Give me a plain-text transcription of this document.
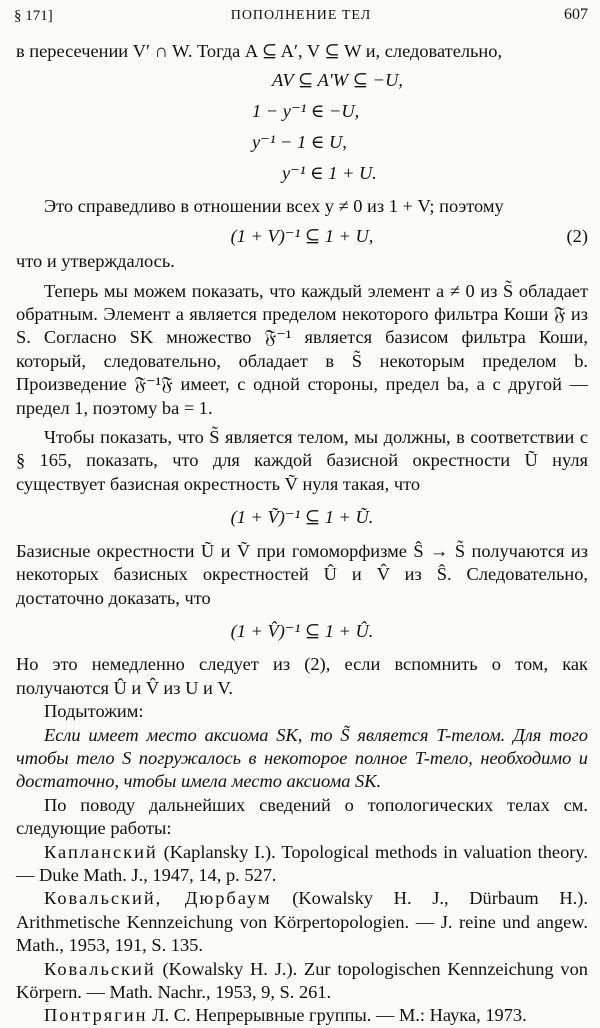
§ 171]	ПОПОЛНЕНИЕ ТЕЛ	607

в пересечении V′ ∩ W. Тогда A ⊆ A′, V ⊆ W и, следовательно,

AV ⊆ A′W ⊆ −U,
1 − y⁻¹ ∈ −U,
y⁻¹ − 1 ∈ U,
y⁻¹ ∈ 1 + U.

Это справедливо в отношении всех y ≠ 0 из 1 + V; поэтому

(1 + V)⁻¹ ⊆ 1 + U,	(2)

что и утверждалось.

Теперь мы можем показать, что каждый элемент a ≠ 0 из S̃ обладает обратным. Элемент a является пределом некоторого фильтра Коши 𝔉 из S. Согласно SK множество 𝔉⁻¹ является базисом фильтра Коши, который, следовательно, обладает в S̃ некоторым пределом b. Произведение 𝔉⁻¹𝔉 имеет, с одной стороны, предел ba, а с другой — предел 1, поэтому ba = 1.

Чтобы показать, что S̃ является телом, мы должны, в соответствии с § 165, показать, что для каждой базисной окрестности Ũ нуля существует базисная окрестность Ṽ нуля такая, что

(1 + Ṽ)⁻¹ ⊆ 1 + Ũ.

Базисные окрестности Ũ и Ṽ при гомоморфизме Ŝ → S̃ получаются из некоторых базисных окрестностей Û и V̂ из Ŝ. Следовательно, достаточно доказать, что

(1 + V̂)⁻¹ ⊆ 1 + Û.

Но это немедленно следует из (2), если вспомнить о том, как получаются Û и V̂ из U и V.

Подытожим:

Если имеет место аксиома SK, то S̃ является T-телом. Для того чтобы тело S погружалось в некоторое полное T-тело, необходимо и достаточно, чтобы имела место аксиома SK.

По поводу дальнейших сведений о топологических телах см. следующие работы:

Капланский (Kaplansky I.). Topological methods in valuation theory. — Duke Math. J., 1947, 14, p. 527.

Ковальский, Дюрбаум (Kowalsky H. J., Dürbaum H.). Arithmetische Kennzeichung von Körpertopologien. — J. reine und angew. Math., 1953, 191, S. 135.

Ковальский (Kowalsky H. J.). Zur topologischen Kennzeichung von Körpern. — Math. Nachr., 1953, 9, S. 261.

Понтрягин Л. С. Непрерывные группы. — М.: Наука, 1973.
